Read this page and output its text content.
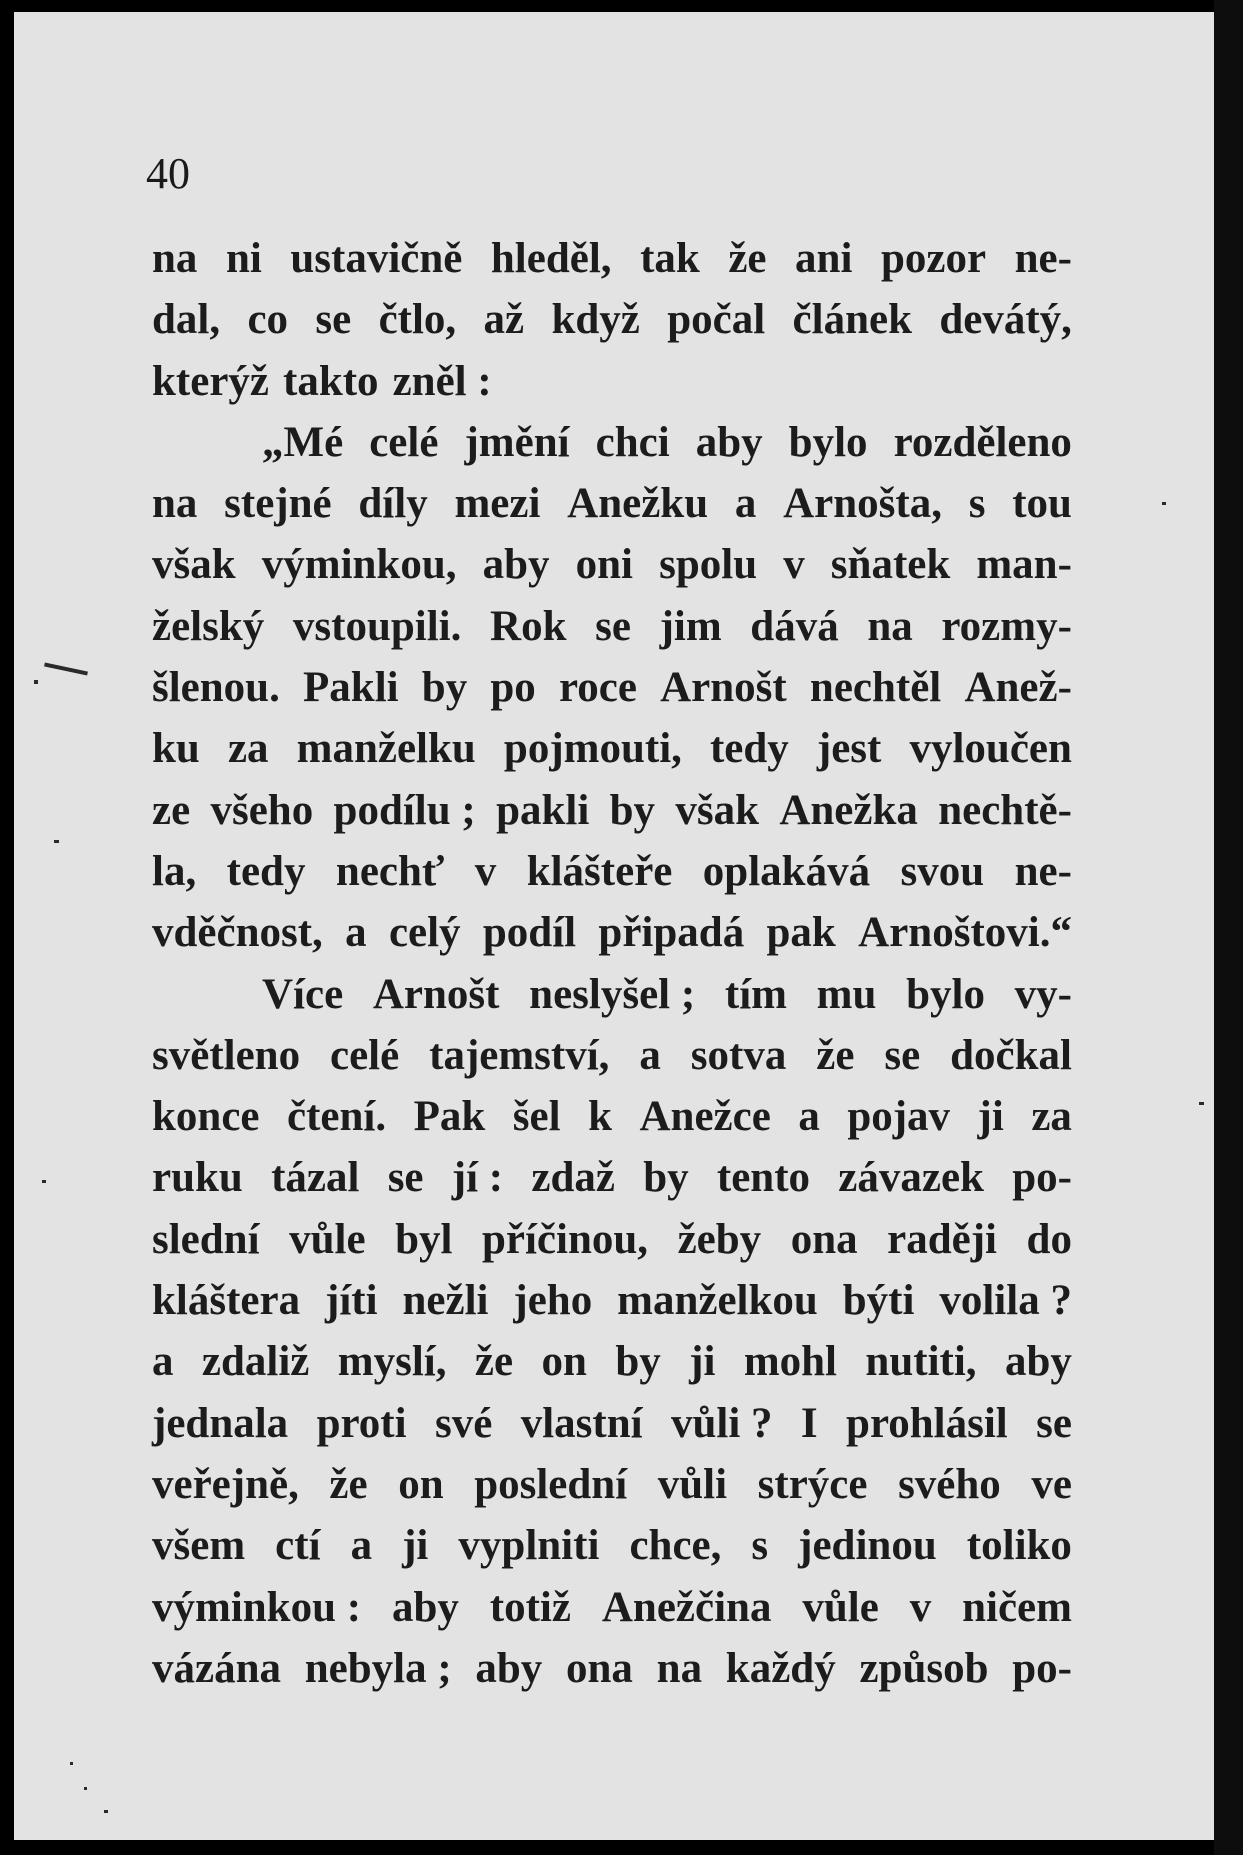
40
na ni ustavičně hleděl, tak že ani pozor ne-
dal, co se čtlo, až když počal článek devátý,
kterýž takto zněl :
„Mé celé jmění chci aby bylo rozděleno
na stejné díly mezi Anežku a Arnošta, s tou
však výminkou, aby oni spolu v sňatek man-
želský vstoupili. Rok se jim dává na rozmy-
šlenou. Pakli by po roce Arnošt nechtěl Anež-
ku za manželku pojmouti, tedy jest vyloučen
ze všeho podílu ; pakli by však Anežka nechtě-
la, tedy nechť v klášteře oplakává svou ne-
vděčnost, a celý podíl připadá pak Arnoštovi.“
Více Arnošt neslyšel ; tím mu bylo vy-
světleno celé tajemství, a sotva že se dočkal
konce čtení. Pak šel k Anežce a pojav ji za
ruku tázal se jí : zdaž by tento závazek po-
slední vůle byl příčinou, žeby ona raději do
kláštera jíti nežli jeho manželkou býti volila ?
a zdaliž myslí, že on by ji mohl nutiti, aby
jednala proti své vlastní vůli ? I prohlásil se
veřejně, že on poslední vůli strýce svého ve
všem ctí a ji vyplniti chce, s jedinou toliko
výminkou : aby totiž Anežčina vůle v ničem
vázána nebyla ; aby ona na každý způsob po-
